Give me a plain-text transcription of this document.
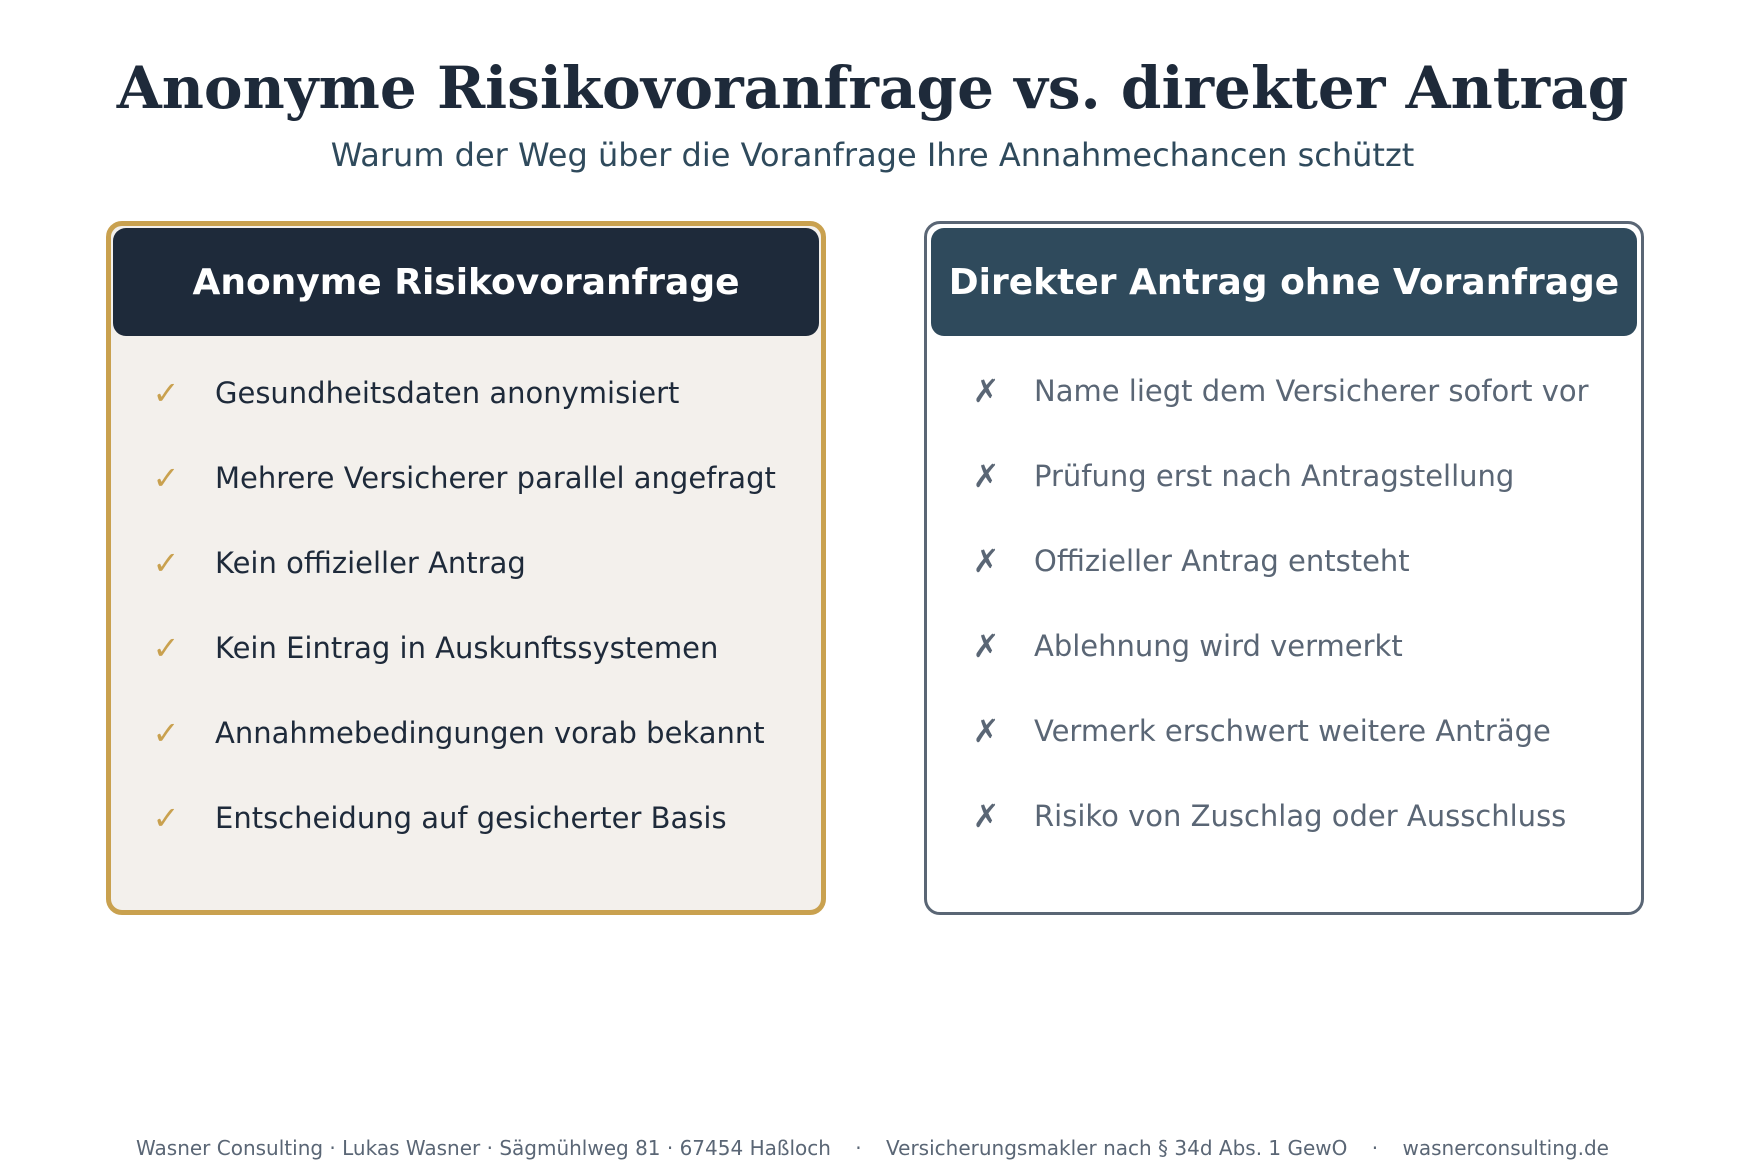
Anonyme Risikovoranfrage vs. direkter Antrag

Warum der Weg über die Voranfrage Ihre Annahmechancen schützt

Anonyme Risikovoranfrage
✓	Gesundheitsdaten anonymisiert
✓	Mehrere Versicherer parallel angefragt
✓	Kein offizieller Antrag
✓	Kein Eintrag in Auskunftssystemen
✓	Annahmebedingungen vorab bekannt
✓	Entscheidung auf gesicherter Basis
Direkter Antrag ohne Voranfrage
✗	Name liegt dem Versicherer sofort vor
✗	Prüfung erst nach Antragstellung
✗	Offizieller Antrag entsteht
✗	Ablehnung wird vermerkt
✗	Vermerk erschwert weitere Anträge
✗	Risiko von Zuschlag oder Ausschluss
Wasner Consulting · Lukas Wasner · Sägmühlweg 81 · 67454 Haßloch · Versicherungsmakler nach § 34d Abs. 1 GewO · wasnerconsulting.de
